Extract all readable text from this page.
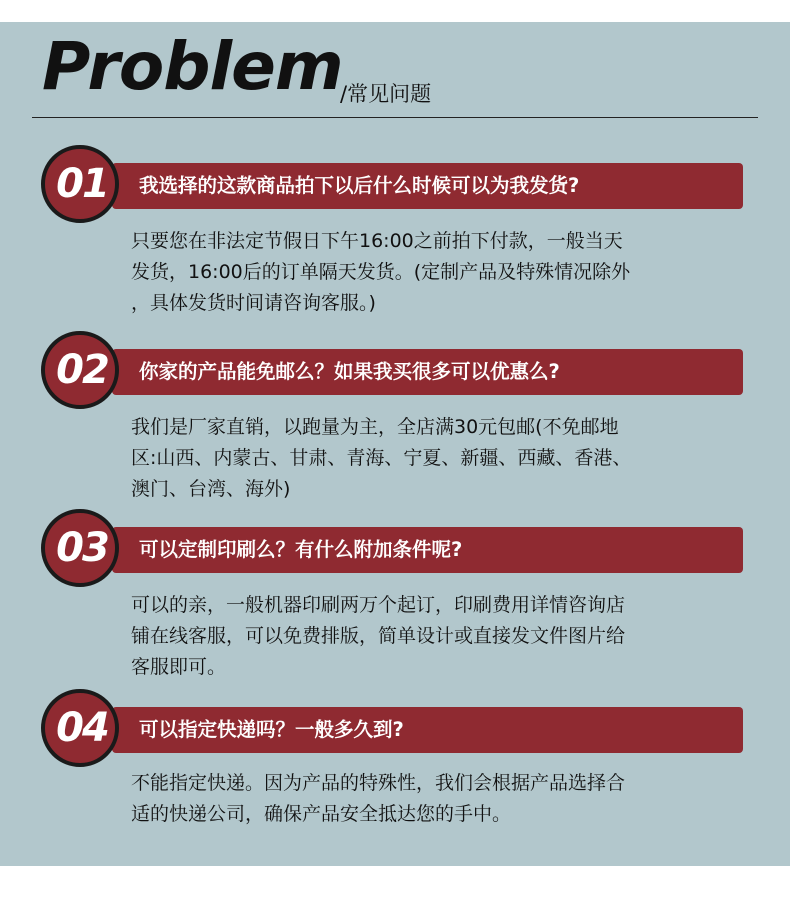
Problem
/常见问题
我选择的这款商品拍下以后什么时候可以为我发货?
01
只要您在非法定节假日下午16:00之前拍下付款，一般当天
发货，16:00后的订单隔天发货。(定制产品及特殊情况除外
，具体发货时间请咨询客服。)
你家的产品能免邮么？如果我买很多可以优惠么?
02
我们是厂家直销，以跑量为主，全店满30元包邮(不免邮地
区:山西、内蒙古、甘肃、青海、宁夏、新疆、西藏、香港、
澳门、台湾、海外)
可以定制印刷么？有什么附加条件呢?
03
可以的亲，一般机器印刷两万个起订，印刷费用详情咨询店
铺在线客服，可以免费排版，简单设计或直接发文件图片给
客服即可。
可以指定快递吗？一般多久到?
04
不能指定快递。因为产品的特殊性，我们会根据产品选择合
适的快递公司，确保产品安全抵达您的手中。
